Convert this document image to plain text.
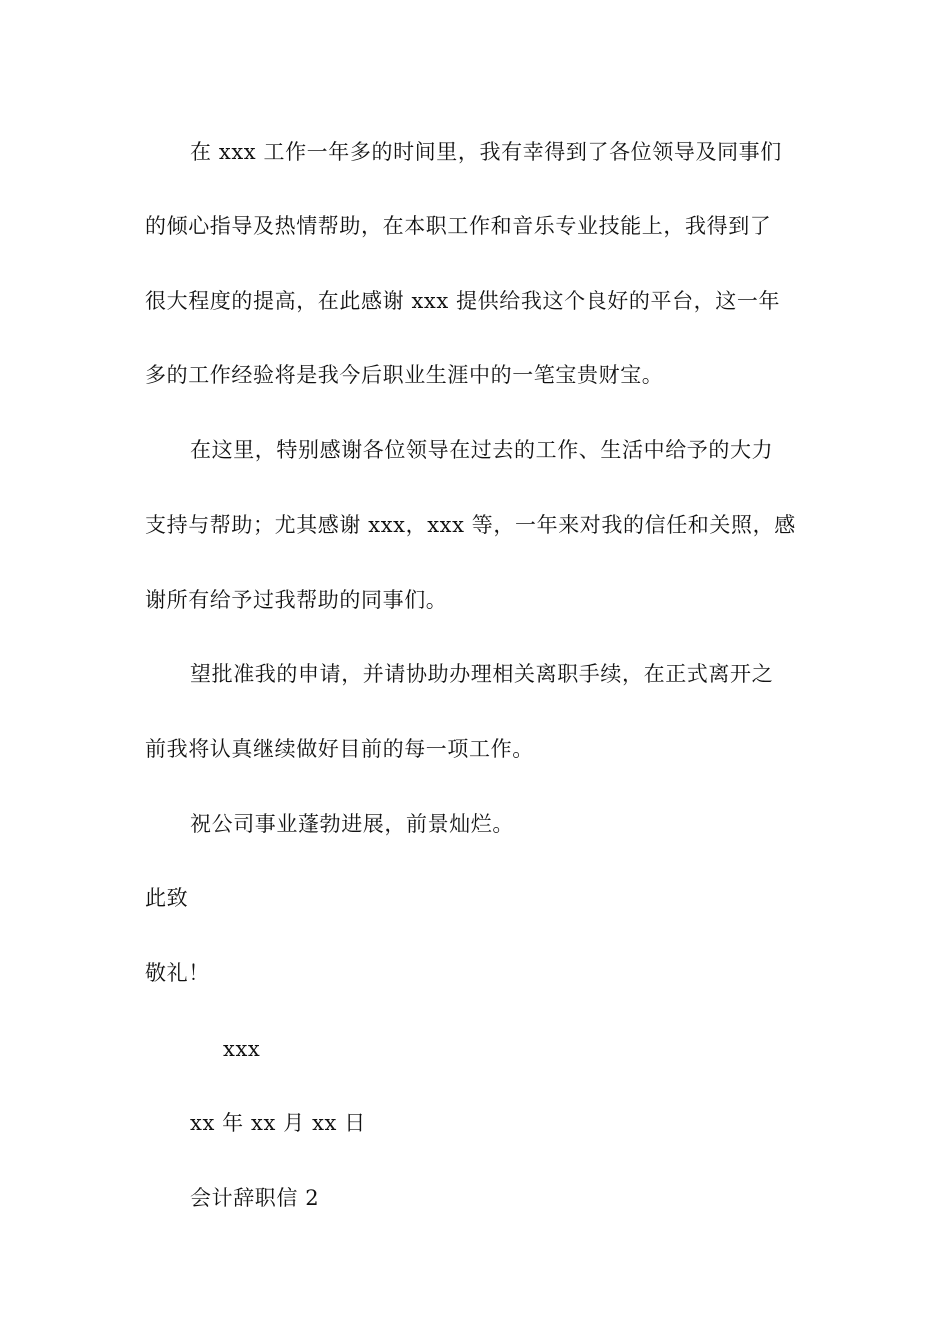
在 xxx 工作一年多的时间里，我有幸得到了各位领导及同事们
的倾心指导及热情帮助，在本职工作和音乐专业技能上，我得到了
很大程度的提高，在此感谢 xxx 提供给我这个良好的平台，这一年
多的工作经验将是我今后职业生涯中的一笔宝贵财宝。
在这里，特别感谢各位领导在过去的工作、生活中给予的大力
支持与帮助；尤其感谢 xxx，xxx 等，一年来对我的信任和关照，感
谢所有给予过我帮助的同事们。
望批准我的申请，并请协助办理相关离职手续，在正式离开之
前我将认真继续做好目前的每一项工作。
祝公司事业蓬勃进展，前景灿烂。
此致
敬礼！
xxx
xx 年 xx 月 xx 日
会计辞职信 2
